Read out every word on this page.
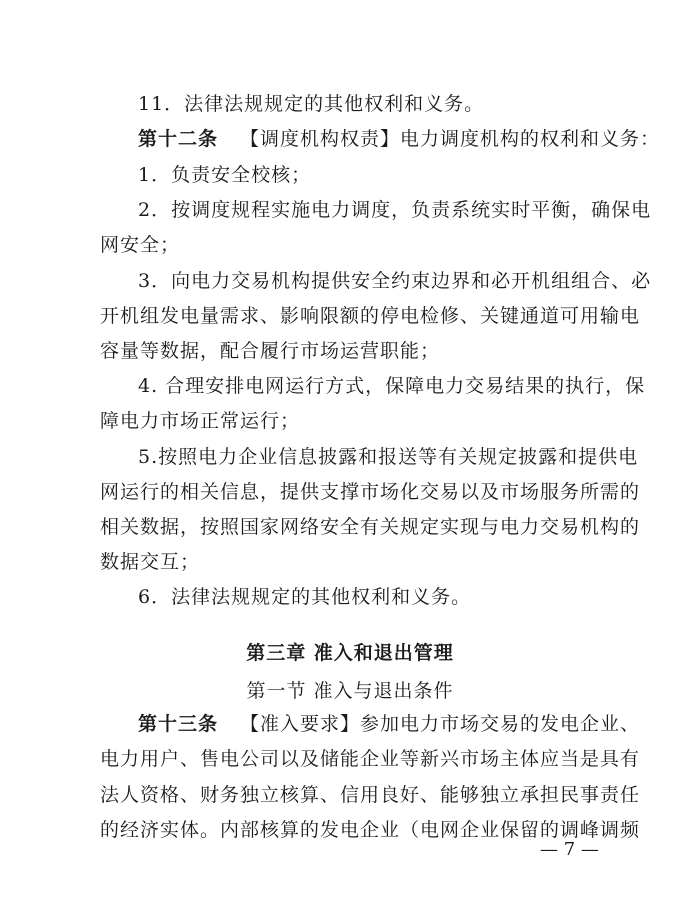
11．法律法规规定的其他权利和义务。
第十二条 【调度机构权责】电力调度机构的权利和义务：
1．负责安全校核；
2．按调度规程实施电力调度，负责系统实时平衡，确保电
网安全；
3．向电力交易机构提供安全约束边界和必开机组组合、必
开机组发电量需求、影响限额的停电检修、关键通道可用输电
容量等数据，配合履行市场运营职能；
4. 合理安排电网运行方式，保障电力交易结果的执行，保
障电力市场正常运行；
5.按照电力企业信息披露和报送等有关规定披露和提供电
网运行的相关信息，提供支撑市场化交易以及市场服务所需的
相关数据，按照国家网络安全有关规定实现与电力交易机构的
数据交互；
6．法律法规规定的其他权利和义务。
第三章 准入和退出管理
第一节 准入与退出条件
第十三条 【准入要求】参加电力市场交易的发电企业、
电力用户、售电公司以及储能企业等新兴市场主体应当是具有
法人资格、财务独立核算、信用良好、能够独立承担民事责任
的经济实体。内部核算的发电企业（电网企业保留的调峰调频
— 7 —
